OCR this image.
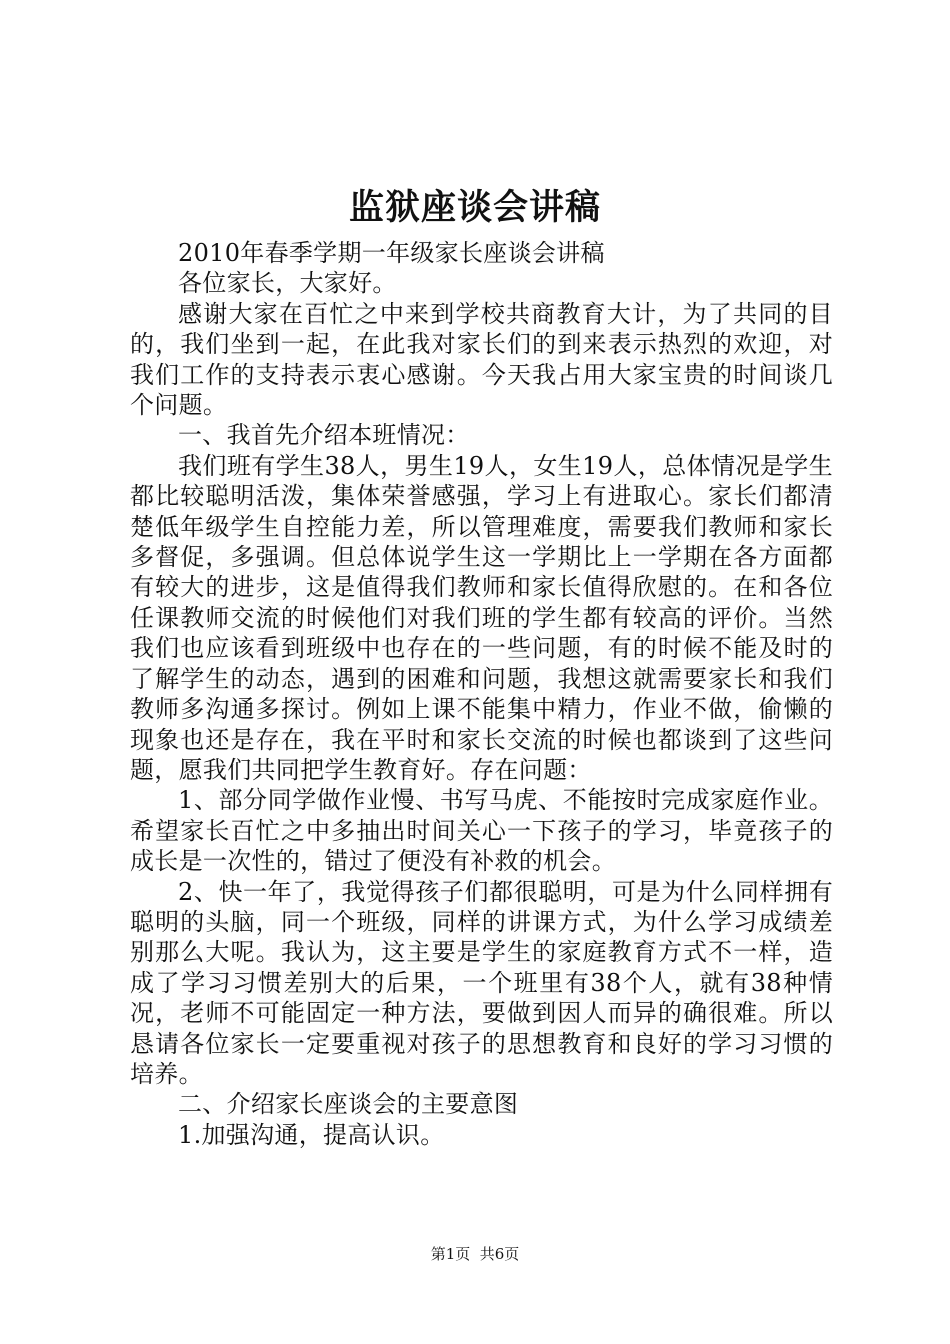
监狱座谈会讲稿

2010年春季学期一年级家长座谈会讲稿

各位家长，大家好。

感谢大家在百忙之中来到学校共商教育大计，为了共同的目的，我们坐到一起，在此我对家长们的到来表示热烈的欢迎，对我们工作的支持表示衷心感谢。今天我占用大家宝贵的时间谈几个问题。

一、我首先介绍本班情况：

我们班有学生38人，男生19人，女生19人，总体情况是学生都比较聪明活泼，集体荣誉感强，学习上有进取心。家长们都清楚低年级学生自控能力差，所以管理难度，需要我们教师和家长多督促，多强调。但总体说学生这一学期比上一学期在各方面都有较大的进步，这是值得我们教师和家长值得欣慰的。在和各位任课教师交流的时候他们对我们班的学生都有较高的评价。当然我们也应该看到班级中也存在的一些问题，有的时候不能及时的了解学生的动态，遇到的困难和问题，我想这就需要家长和我们教师多沟通多探讨。例如上课不能集中精力，作业不做，偷懒的现象也还是存在，我在平时和家长交流的时候也都谈到了这些问题，愿我们共同把学生教育好。存在问题：

1、部分同学做作业慢、书写马虎、不能按时完成家庭作业。希望家长百忙之中多抽出时间关心一下孩子的学习，毕竟孩子的成长是一次性的，错过了便没有补救的机会。

2、快一年了，我觉得孩子们都很聪明，可是为什么同样拥有聪明的头脑，同一个班级，同样的讲课方式，为什么学习成绩差别那么大呢。我认为，这主要是学生的家庭教育方式不一样，造成了学习习惯差别大的后果，一个班里有38个人，就有38种情况，老师不可能固定一种方法，要做到因人而异的确很难。所以恳请各位家长一定要重视对孩子的思想教育和良好的学习习惯的培养。

二、介绍家长座谈会的主要意图

1.加强沟通，提高认识。

第1页  共6页
